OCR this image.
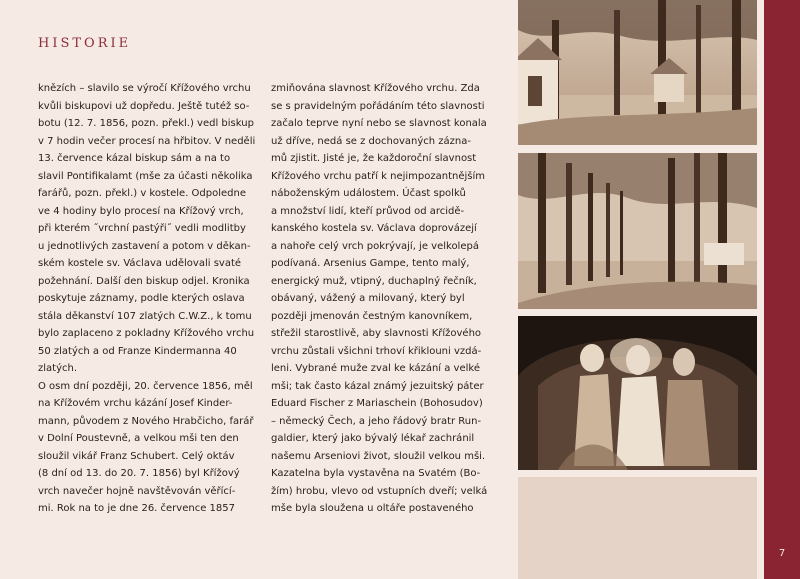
HISTORIE
knězích – slavilo se výročí Křížového vrchu
kvůli biskupovi už dopředu. Ještě tutéž so-
botu (12. 7. 1856, pozn. překl.) vedl biskup
v 7 hodin večer procesí na hřbitov. V neděli
13. července kázal biskup sám a na to
slavil Pontifikalamt (mše za účasti několika
farářů, pozn. překl.) v kostele. Odpoledne
ve 4 hodiny bylo procesí na Křížový vrch,
při kterém ˝vrchní pastýři˝ vedli modlitby
u jednotlivých zastavení a potom v děkan-
ském kostele sv. Václava udělovali svaté
požehnání. Další den biskup odjel. Kronika
poskytuje záznamy, podle kterých oslava
stála děkanství 107 zlatých C.W.Z., k tomu
bylo zaplaceno z pokladny Křížového vrchu
50 zlatých a od Franze Kindermanna 40
zlatých.
O osm dní později, 20. července 1856, měl
na Křížovém vrchu kázání Josef Kinder-
mann, původem z Nového Hrabčicho, farář
v Dolní Poustevně, a velkou mši ten den
sloužil vikář Franz Schubert. Celý oktáv
(8 dní od 13. do 20. 7. 1856) byl Křížový
vrch navečer hojně navštěvován věřící-
mi. Rok na to je dne 26. července 1857
zmiňována slavnost Křížového vrchu. Zda
se s pravidelným pořádáním této slavnosti
začalo teprve nyní nebo se slavnost konala
už dříve, nedá se z dochovaných zázna-
mů zjistit. Jisté je, že každoroční slavnost
Křížového vrchu patří k nejimpozantnějším
náboženským událostem. Účast spolků
a množství lidí, kteří průvod od arcidě-
kanského kostela sv. Václava doprovázejí
a nahoře celý vrch pokrývají, je velkolepá
podívaná. Arsenius Gampe, tento malý,
energický muž, vtipný, duchaplný řečník,
obávaný, vážený a milovaný, který byl
později jmenován čestným kanovníkem,
střežil starostlivě, aby slavnosti Křížového
vrchu zůstali všichni trhoví křiklouni vzdá-
leni. Vybrané muže zval ke kázání a velké
mši; tak často kázal známý jezuitský páter
Eduard Fischer z Mariaschein (Bohosudov)
– německý Čech, a jeho řádový bratr Run-
galdier, který jako bývalý lékař zachránil
našemu Arseniovi život, sloužil velkou mši.
Kazatelna byla vystavěna na Svatém (Bo-
žím) hrobu, vlevo od vstupních dveří; velká
mše byla sloužena u oltáře postaveného
7
